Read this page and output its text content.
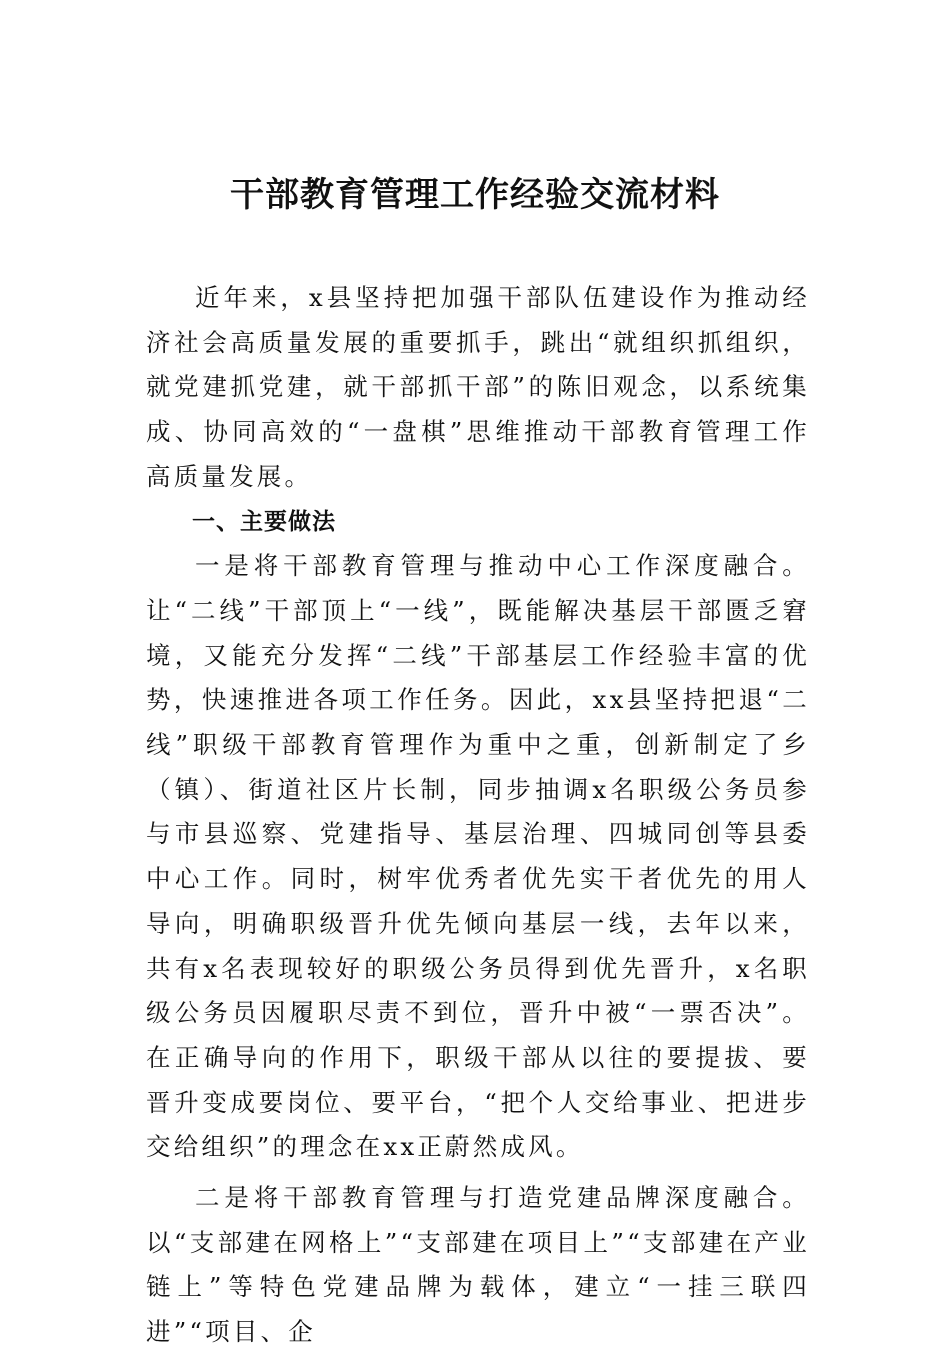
干部教育管理工作经验交流材料

近年来，x县坚持把加强干部队伍建设作为推动经济社会高质量发展的重要抓手，跳出“就组织抓组织，就党建抓党建，就干部抓干部”的陈旧观念，以系统集成、协同高效的“一盘棋”思维推动干部教育管理工作高质量发展。

一、主要做法

一是将干部教育管理与推动中心工作深度融合。让“二线”干部顶上“一线”，既能解决基层干部匮乏窘境，又能充分发挥“二线”干部基层工作经验丰富的优势，快速推进各项工作任务。因此，xx县坚持把退“二线”职级干部教育管理作为重中之重，创新制定了乡（镇）、街道社区片长制，同步抽调x名职级公务员参与市县巡察、党建指导、基层治理、四城同创等县委中心工作。同时，树牢优秀者优先实干者优先的用人导向，明确职级晋升优先倾向基层一线，去年以来，共有x名表现较好的职级公务员得到优先晋升，x名职级公务员因履职尽责不到位，晋升中被“一票否决”。在正确导向的作用下，职级干部从以往的要提拔、要晋升变成要岗位、要平台，“把个人交给事业、把进步交给组织”的理念在xx正蔚然成风。

二是将干部教育管理与打造党建品牌深度融合。以“支部建在网格上”“支部建在项目上”“支部建在产业链上”等特色党建品牌为载体，建立“一挂三联四进”“项目、企
